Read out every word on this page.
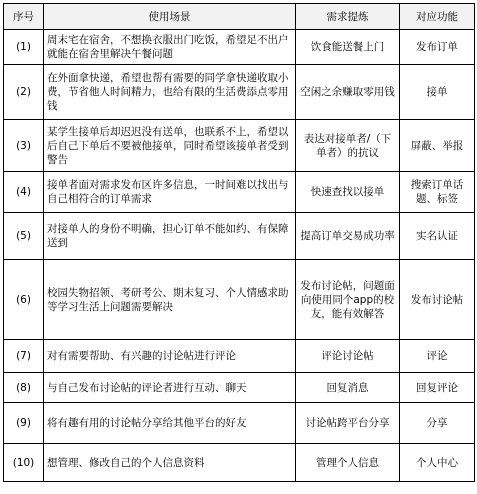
序号	使用场景	需求提炼	对应功能
(1)	周末宅在宿舍，不想换衣服出门吃饭，希望足不出户就能在宿舍里解决午餐问题	饮食能送餐上门	发布订单
(2)	在外面拿快递，希望也帮有需要的同学拿快递收取小费，节省他人时间精力，也给有限的生活费添点零用钱	空闲之余赚取零用钱	接单
(3)	某学生接单后却迟迟没有送单，也联系不上，希望以后自己下单后不要被他接单，同时希望该接单者受到警告	表达对接单者/（下单者）的抗议	屏蔽、举报
(4)	接单者面对需求发布区许多信息，一时间难以找出与自己相符合的订单需求	快速查找以接单	搜索订单话题、标签
(5)	对接单人的身份不明确，担心订单不能如约、有保障送到	提高订单交易成功率	实名认证
(6)	校园失物招领、考研考公、期末复习、个人情感求助等学习生活上问题需要解决	发布讨论帖，问题面向使用同个app的校友，能有效解答	发布讨论帖
(7)	对有需要帮助、有兴趣的讨论帖进行评论	评论讨论帖	评论
(8)	与自己发布讨论帖的评论者进行互动、聊天	回复消息	回复评论
(9)	将有趣有用的讨论帖分享给其他平台的好友	讨论帖跨平台分享	分享
(10)	想管理、修改自己的个人信息资料	管理个人信息	个人中心
